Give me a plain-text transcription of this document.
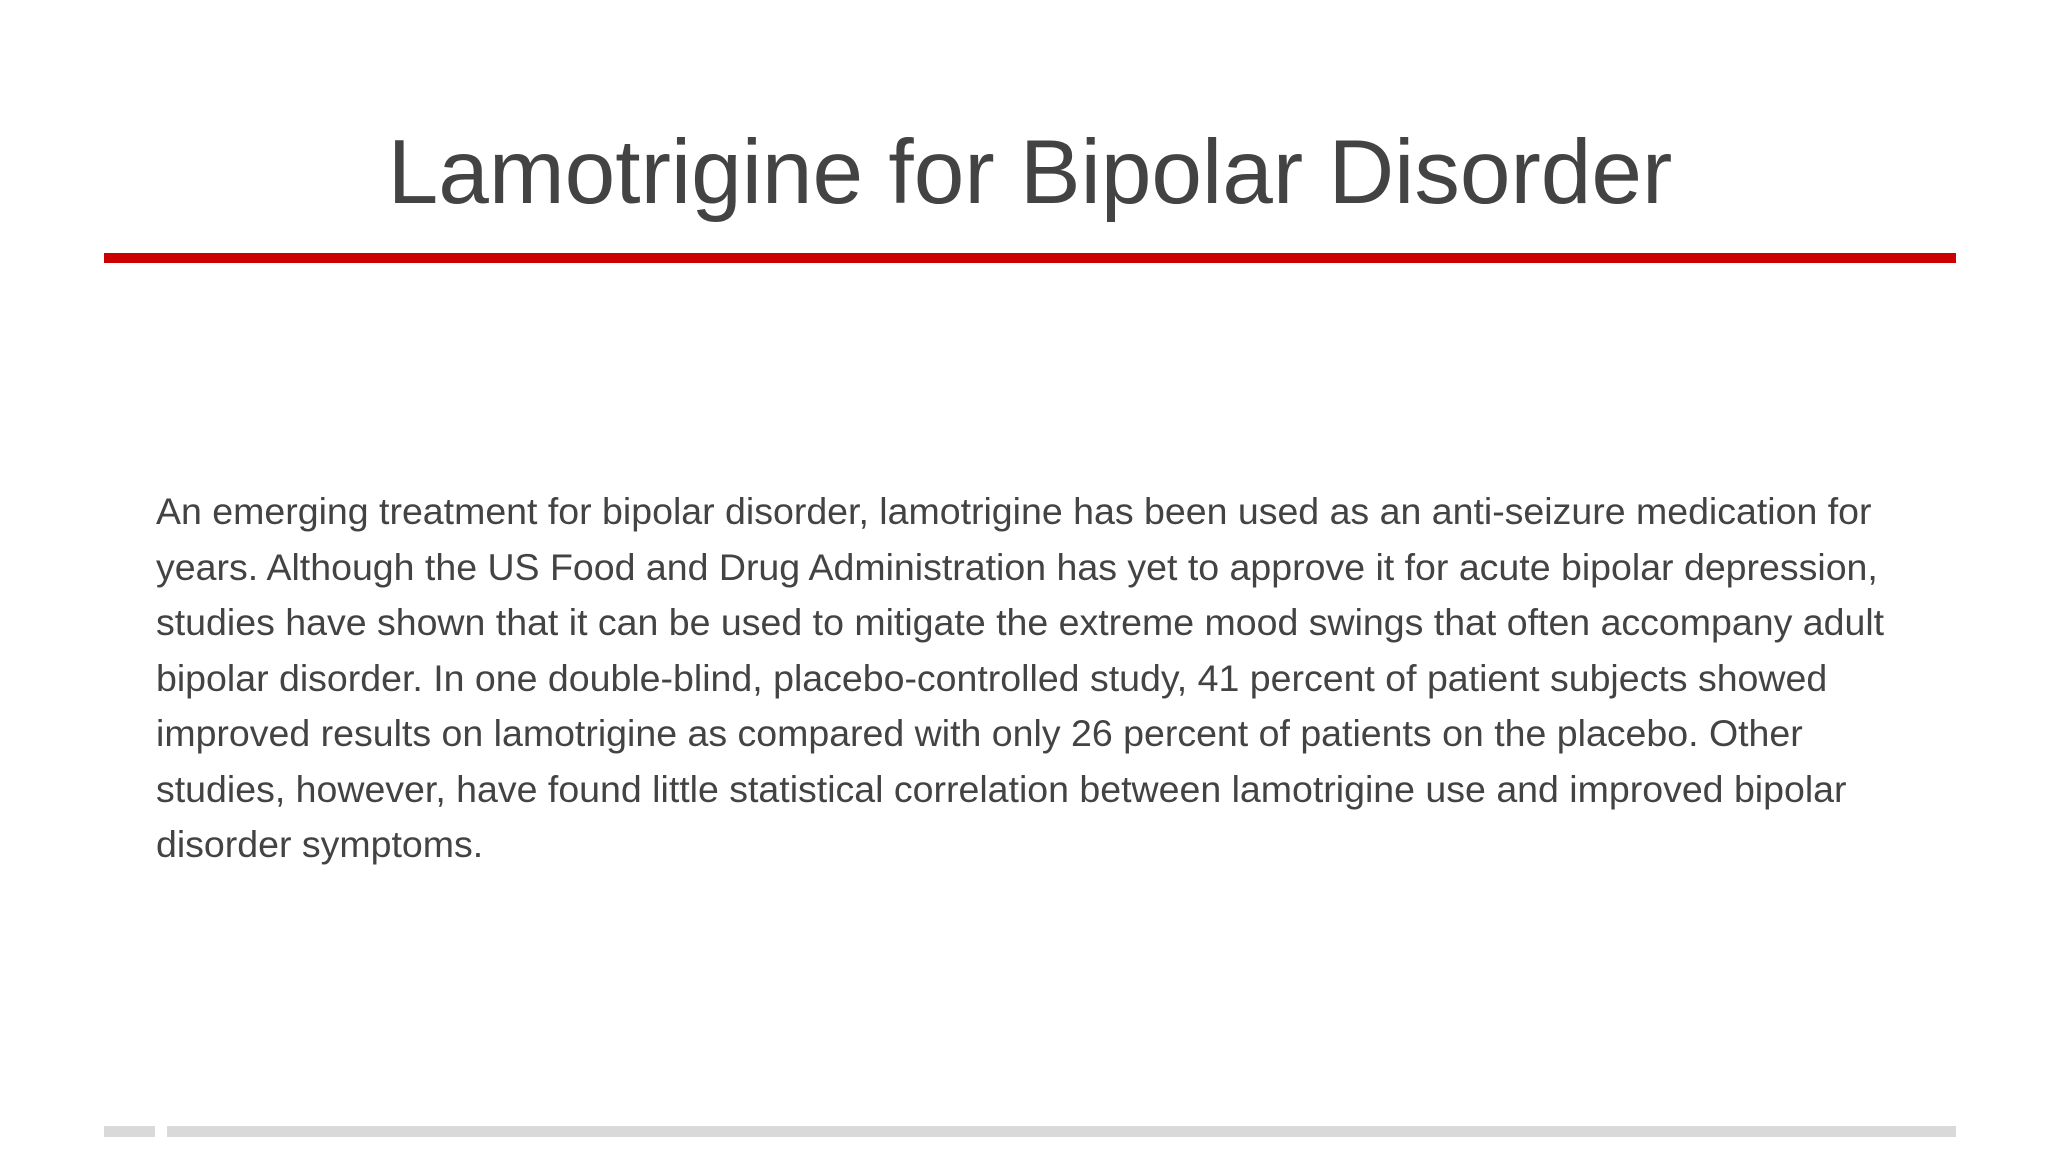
Lamotrigine for Bipolar Disorder
An emerging treatment for bipolar disorder, lamotrigine has been used as an anti-seizure medication for years. Although the US Food and Drug Administration has yet to approve it for acute bipolar depression, studies have shown that it can be used to mitigate the extreme mood swings that often accompany adult bipolar disorder. In one double-blind, placebo-controlled study, 41 percent of patient subjects showed improved results on lamotrigine as compared with only 26 percent of patients on the placebo. Other studies, however, have found little statistical correlation between lamotrigine use and improved bipolar disorder symptoms.
